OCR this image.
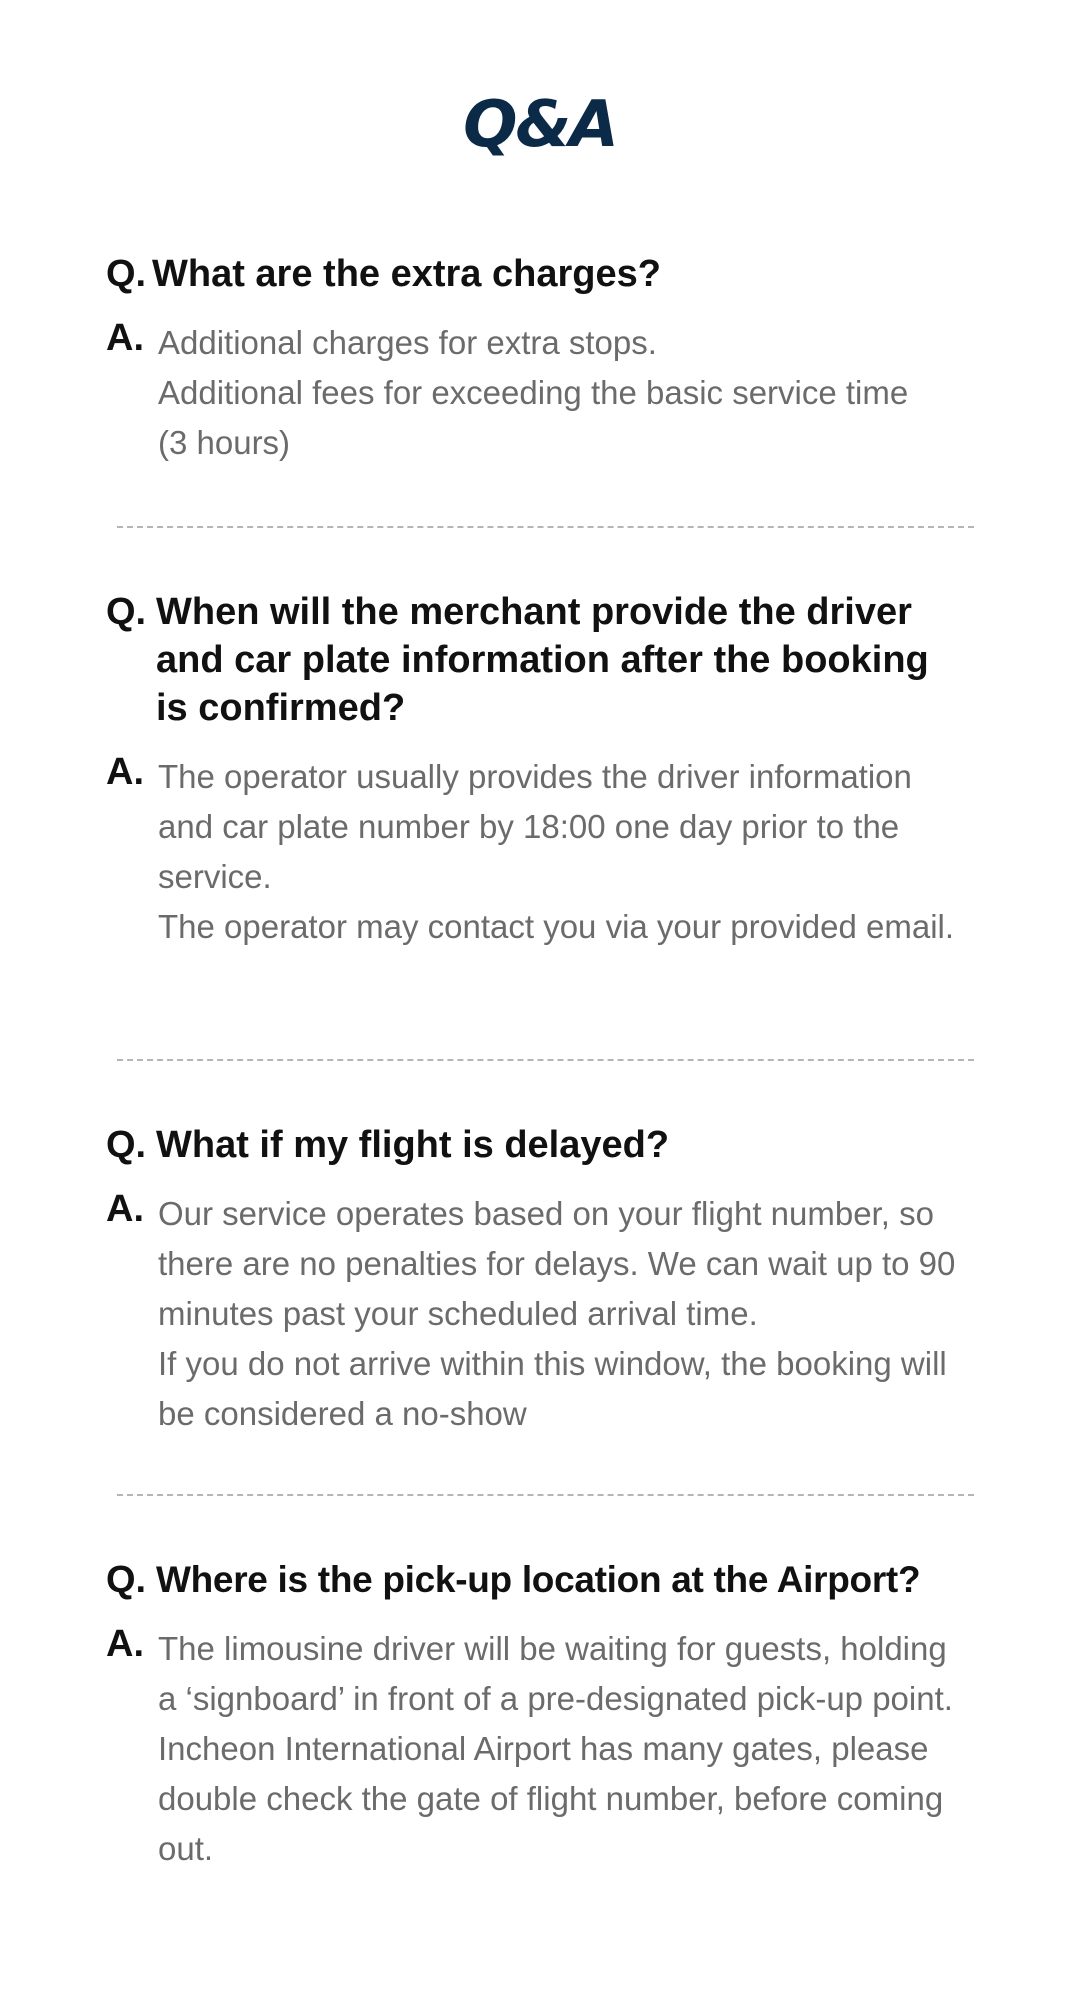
Q&A
Q. What are the extra charges?
A. Additional charges for extra stops.
Additional fees for exceeding the basic service time (3 hours)
Q. When will the merchant provide the driver and car plate information after the booking is confirmed?
A. The operator usually provides the driver information and car plate number by 18:00 one day prior to the service.
The operator may contact you via your provided email.
Q. What if my flight is delayed?
A. Our service operates based on your flight number, so there are no penalties for delays. We can wait up to 90 minutes past your scheduled arrival time.
If you do not arrive within this window, the booking will be considered a no-show
Q. Where is the pick-up location at the Airport?
A. The limousine driver will be waiting for guests, holding a ‘signboard’ in front of a pre-designated pick-up point. Incheon International Airport has many gates, please double check the gate of flight number, before coming out.
